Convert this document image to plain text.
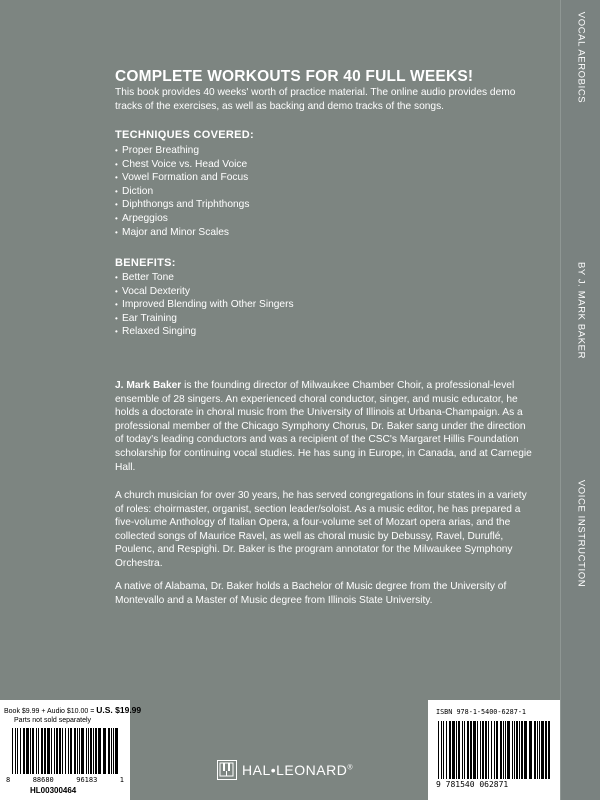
COMPLETE WORKOUTS FOR 40 FULL WEEKS!
This book provides 40 weeks' worth of practice material. The online audio provides demo tracks of the exercises, as well as backing and demo tracks of the songs.
TECHNIQUES COVERED:
• Proper Breathing
• Chest Voice vs. Head Voice
• Vowel Formation and Focus
• Diction
• Diphthongs and Triphthongs
• Arpeggios
• Major and Minor Scales
BENEFITS:
• Better Tone
• Vocal Dexterity
• Improved Blending with Other Singers
• Ear Training
• Relaxed Singing

J. Mark Baker is the founding director of Milwaukee Chamber Choir, a professional-level ensemble of 28 singers. An experienced choral conductor, singer, and music educator, he holds a doctorate in choral music from the University of Illinois at Urbana-Champaign. As a professional member of the Chicago Symphony Chorus, Dr. Baker sang under the direction of today's leading conductors and was a recipient of the CSC's Margaret Hillis Foundation scholarship for continuing vocal studies. He has sung in Europe, in Canada, and at Carnegie Hall.

A church musician for over 30 years, he has served congregations in four states in a variety of roles: choirmaster, organist, section leader/soloist. As a music editor, he has prepared a five-volume Anthology of Italian Opera, a four-volume set of Mozart opera arias, and the collected songs of Maurice Ravel, as well as choral music by Debussy, Ravel, Duruflé, Poulenc, and Respighi. Dr. Baker is the program annotator for the Milwaukee Symphony Orchestra.

A native of Alabama, Dr. Baker holds a Bachelor of Music degree from the University of Montevallo and a Master of Music degree from Illinois State University.

VOCAL AEROBICS
BY J. MARK BAKER
VOICE INSTRUCTION
Book $9.99 + Audio $10.00 = U.S. $19.99
Parts not sold separately
8	88680	96183	1
HL00300464
HAL•LEONARD®
ISBN 978-1-5400-6287-1
9 781540 062871
